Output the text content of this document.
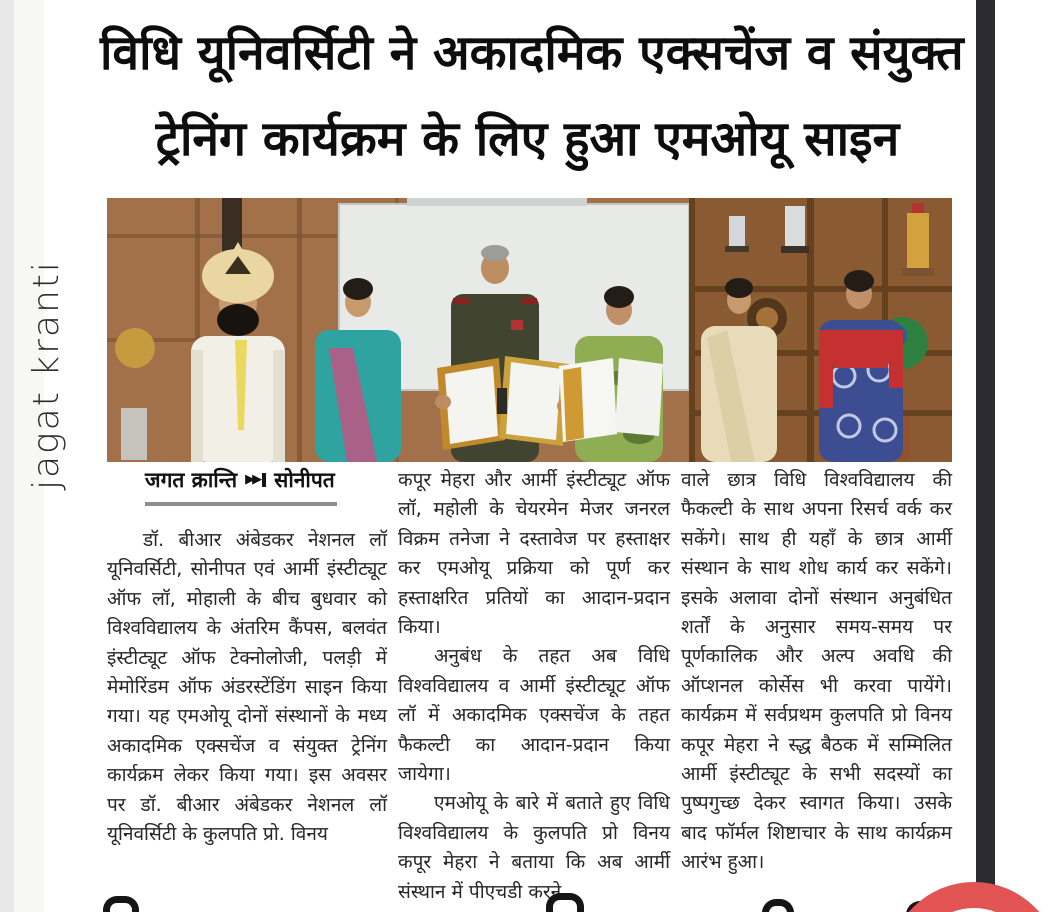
jagat kranti
विधि यूनिवर्सिटी ने अकादमिक एक्सचेंज व संयुक्त
ट्रेनिंग कार्यक्रम के लिए हुआ एमओयू साइन
जगत क्रान्ति ▶▶ सोनीपत

डॉ. बीआर अंबेडकर नेशनल लॉ यूनिवर्सिटी, सोनीपत एवं आर्मी इंस्टीट्यूट ऑफ लॉ, मोहाली के बीच बुधवार को विश्वविद्यालय के अंतरिम कैंपस, बलवंत इंस्टीट्यूट ऑफ टेक्नोलोजी, पलड़ी में मेमोरिंडम ऑफ अंडरस्टेंडिंग साइन किया गया। यह एमओयू दोनों संस्थानों के मध्य अकादमिक एक्सचेंज व संयुक्त ट्रेनिंग कार्यक्रम लेकर किया गया। इस अवसर पर डॉ. बीआर अंबेडकर नेशनल लॉ यूनिवर्सिटी के कुलपति प्रो. विनय

कपूर मेहरा और आर्मी इंस्टीट्यूट ऑफ लॉ, महोली के चेयरमेन मेजर जनरल विक्रम तनेजा ने दस्तावेज पर हस्ताक्षर कर एमओयू प्रक्रिया को पूर्ण कर हस्ताक्षरित प्रतियों का आदान-प्रदान किया।

अनुबंध के तहत अब विधि विश्वविद्यालय व आर्मी इंस्टीट्यूट ऑफ लॉ में अकादमिक एक्सचेंज के तहत फैकल्टी का आदान-प्रदान किया जायेगा।

एमओयू के बारे में बताते हुए विधि विश्वविद्यालय के कुलपति प्रो विनय कपूर मेहरा ने बताया कि अब आर्मी संस्थान में पीएचडी करने

वाले छात्र विधि विश्वविद्यालय की फैकल्टी के साथ अपना रिसर्च वर्क कर सकेंगे। साथ ही यहाँ के छात्र आर्मी संस्थान के साथ शोध कार्य कर सकेंगे। इसके अलावा दोनों संस्थान अनुबंधित शर्तों के अनुसार समय-समय पर पूर्णकालिक और अल्प अवधि की ऑप्शनल कोर्सेस भी करवा पायेंगे। कार्यक्रम में सर्वप्रथम कुलपति प्रो विनय कपूर मेहरा ने स्द्ध बैठक में सम्मिलित आर्मी इंस्टीट्यूट के सभी सदस्यों का पुष्पगुच्छ देकर स्वागत किया। उसके बाद फॉर्मल शिष्टाचार के साथ कार्यक्रम आरंभ हुआ।
